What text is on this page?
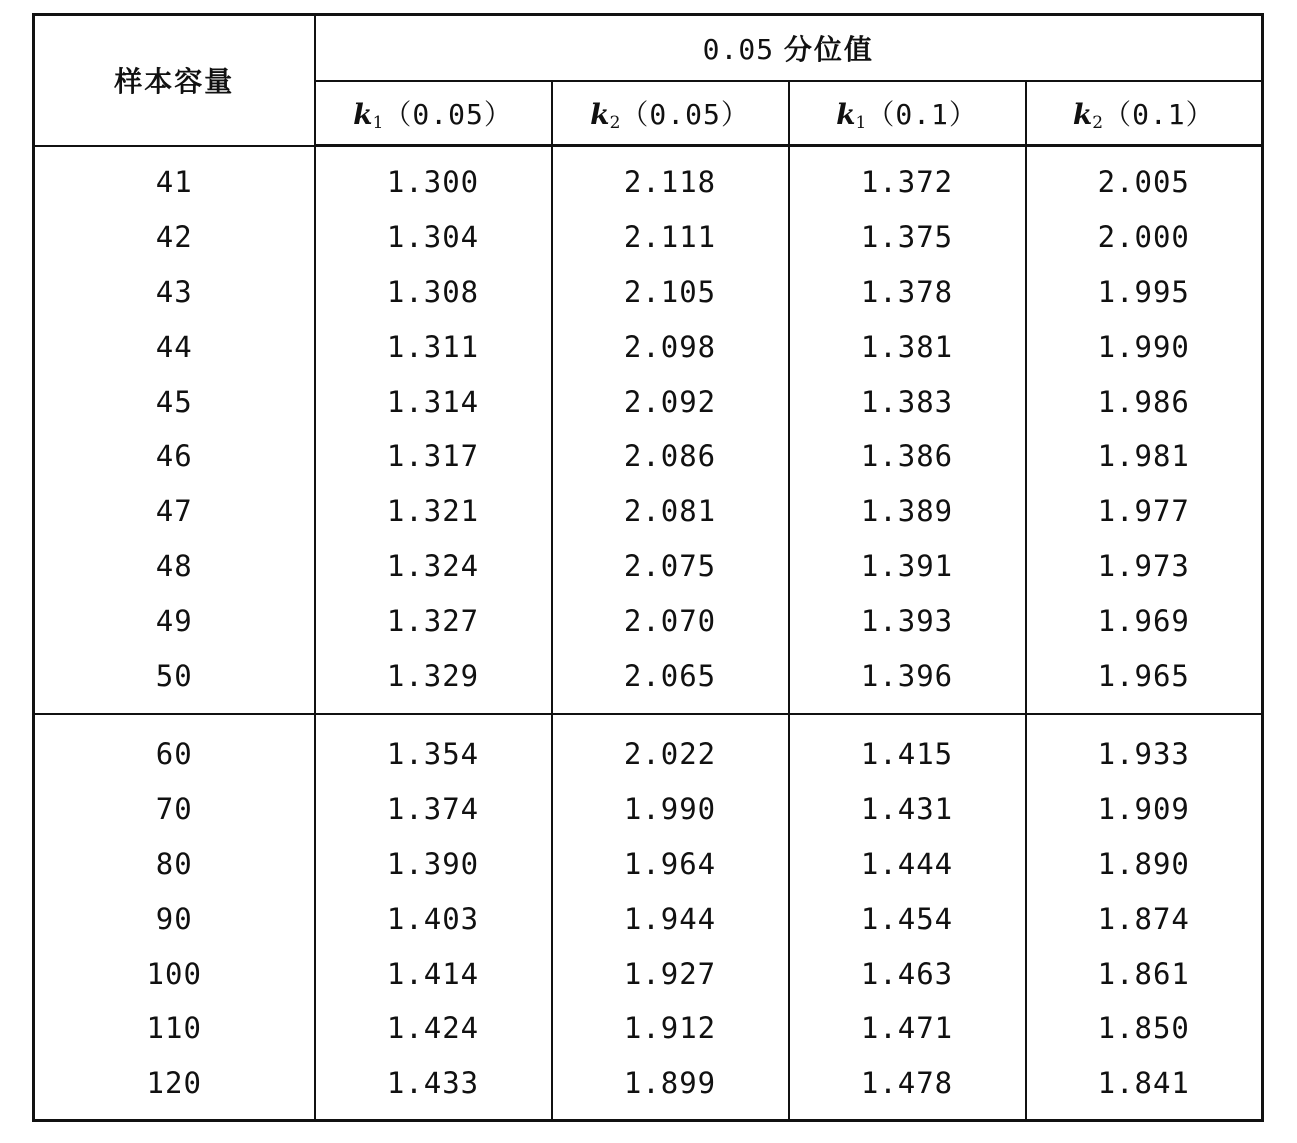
样本容量	0.05 分位值			
	$k_1(0.05)$	$k_2(0.05)$	$k_1(0.1)$	$k_2(0.1)$
41	1.300	2.118	1.372	2.005
42	1.304	2.111	1.375	2.000
43	1.308	2.105	1.378	1.995
44	1.311	2.098	1.381	1.990
45	1.314	2.092	1.383	1.986
46	1.317	2.086	1.386	1.981
47	1.321	2.081	1.389	1.977
48	1.324	2.075	1.391	1.973
49	1.327	2.070	1.393	1.969
50	1.329	2.065	1.396	1.965
60	1.354	2.022	1.415	1.933
70	1.374	1.990	1.431	1.909
80	1.390	1.964	1.444	1.890
90	1.403	1.944	1.454	1.874
100	1.414	1.927	1.463	1.861
110	1.424	1.912	1.471	1.850
120	1.433	1.899	1.478	1.841
